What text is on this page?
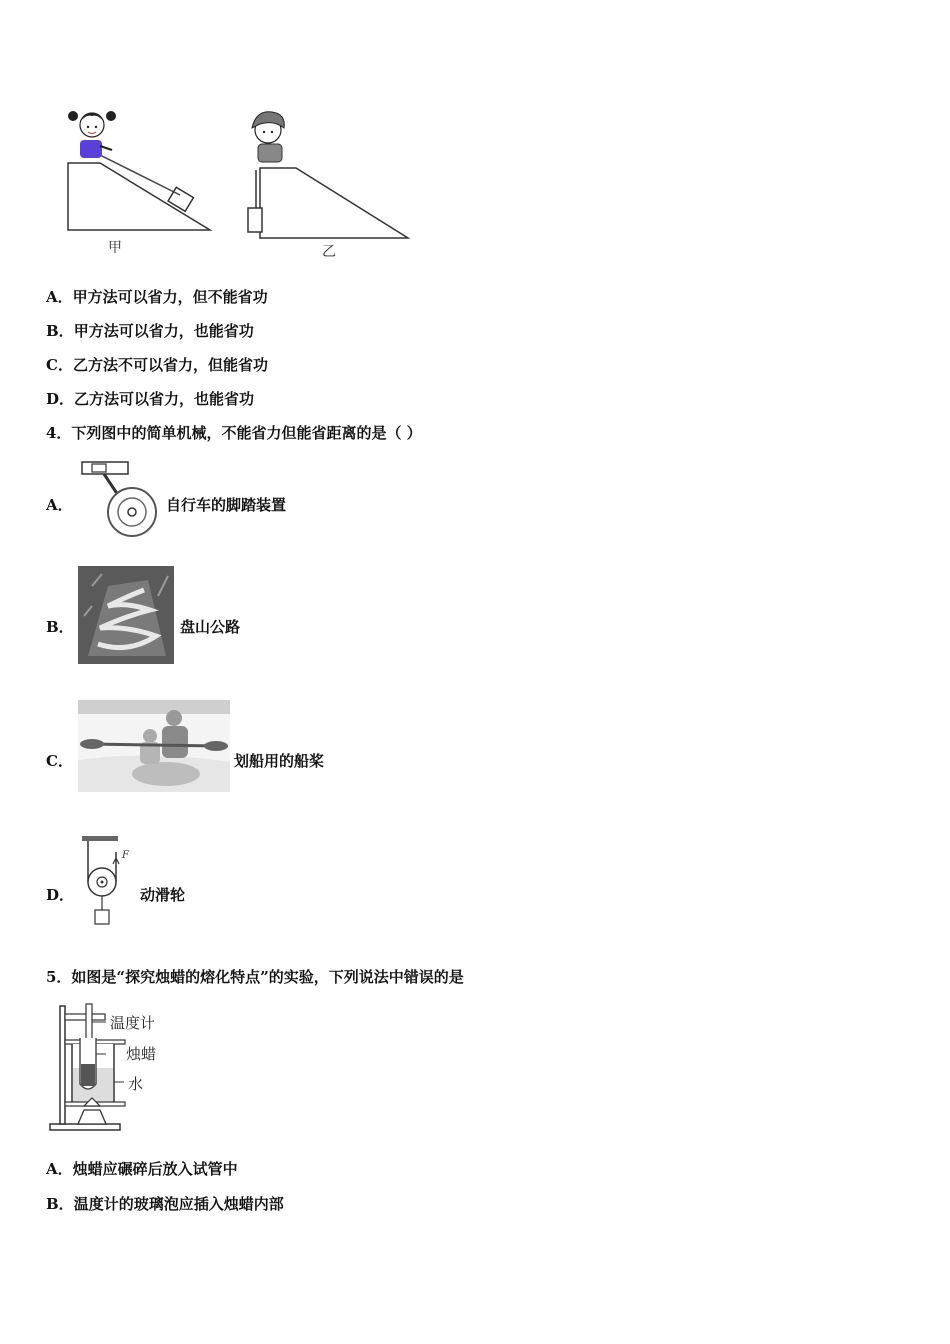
甲	乙
A．甲方法可以省力，但不能省功
B．甲方法可以省力，也能省功
C．乙方法不可以省力，但能省功
D．乙方法可以省力，也能省功
4．下列图中的简单机械，不能省力但能省距离的是（ ）
A．	自行车的脚踏装置
B．	盘山公路
C．	划船用的船桨
D．
F
动滑轮
5．如图是“探究烛蜡的熔化特点”的实验，下列说法中错误的是
温度计
烛蜡
水
A．烛蜡应碾碎后放入试管中
B．温度计的玻璃泡应插入烛蜡内部
